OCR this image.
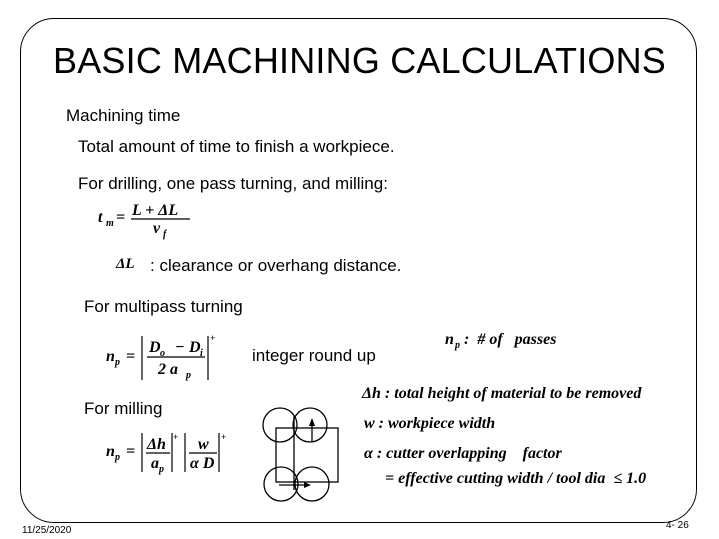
BASIC MACHINING CALCULATIONS
Machining time
Total amount of time to finish a workpiece.
For drilling, one pass turning, and milling:
: clearance or overhang distance.
For multipass turning
integer round up
For milling
11/25/2020	4- 26
t m = L + ΔL
v f
ΔL
n p =
+
D o − D i
2 a p
n p :  # of   passes
n p =
+
Δh
a p
+
w
α D
Δh : total height of material to be removed
w : workpiece width
α : cutter overlapping    factor
= effective cutting width / tool dia  ≤ 1.0
